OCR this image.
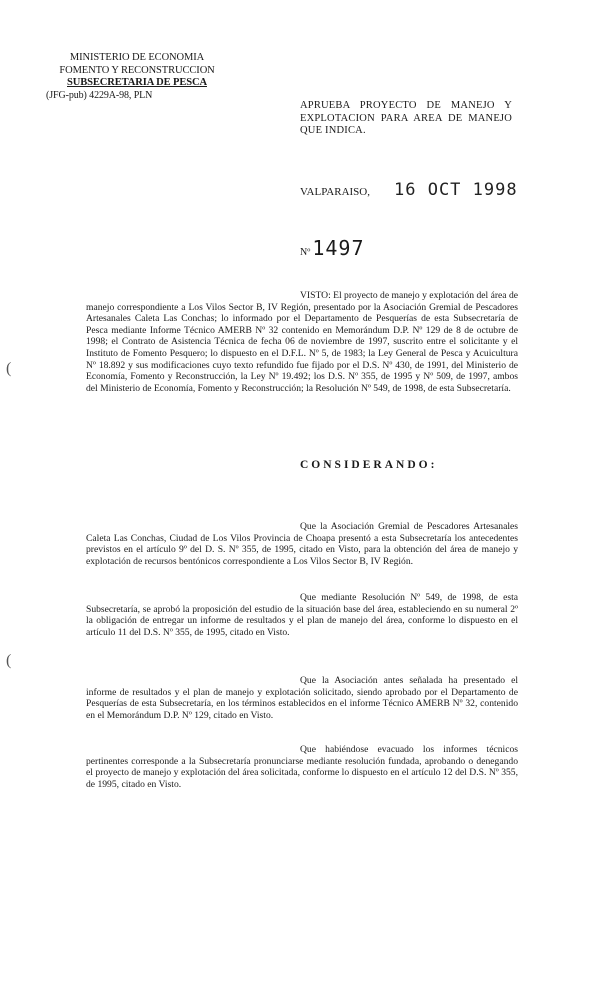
MINISTERIO DE ECONOMIA
FOMENTO Y RECONSTRUCCION
SUBSECRETARIA DE PESCA
(JFG-pub) 4229A-98, PLN
APRUEBA PROYECTO DE MANEJO Y EXPLOTACION PARA AREA DE MANEJO QUE INDICA.
VALPARAISO, 16 OCT 1998
Nº 1497
VISTO: El proyecto de manejo y explotación del área de manejo correspondiente a Los Vilos Sector B, IV Región, presentado por la Asociación Gremial de Pescadores Artesanales Caleta Las Conchas; lo informado por el Departamento de Pesquerías de esta Subsecretaría de Pesca mediante Informe Técnico AMERB Nº 32 contenido en Memorándum D.P. Nº 129 de 8 de octubre de 1998; el Contrato de Asistencia Técnica de fecha 06 de noviembre de 1997, suscrito entre el solicitante y el Instituto de Fomento Pesquero; lo dispuesto en el D.F.L. Nº 5, de 1983; la Ley General de Pesca y Acuicultura Nº 18.892 y sus modificaciones cuyo texto refundido fue fijado por el D.S. Nº 430, de 1991, del Ministerio de Economía, Fomento y Reconstrucción, la Ley Nº 19.492; los D.S. Nº 355, de 1995 y Nº 509, de 1997, ambos del Ministerio de Economía, Fomento y Reconstrucción; la Resolución Nº 549, de 1998, de esta Subsecretaría.
CONSIDERANDO:
Que la Asociación Gremial de Pescadores Artesanales Caleta Las Conchas, Ciudad de Los Vilos Provincia de Choapa presentó a esta Subsecretaría los antecedentes previstos en el artículo 9º del D. S. Nº 355, de 1995, citado en Visto, para la obtención del área de manejo y explotación de recursos bentónicos correspondiente a Los Vilos Sector B, IV Región.
Que mediante Resolución Nº 549, de 1998, de esta Subsecretaría, se aprobó la proposición del estudio de la situación base del área, estableciendo en su numeral 2º la obligación de entregar un informe de resultados y el plan de manejo del área, conforme lo dispuesto en el artículo 11 del D.S. Nº 355, de 1995, citado en Visto.
Que la Asociación antes señalada ha presentado el informe de resultados y el plan de manejo y explotación solicitado, siendo aprobado por el Departamento de Pesquerías de esta Subsecretaría, en los términos establecidos en el informe Técnico AMERB Nº 32, contenido en el Memorándum D.P. Nº 129, citado en Visto.
Que habiéndose evacuado los informes técnicos pertinentes corresponde a la Subsecretaría pronunciarse mediante resolución fundada, aprobando o denegando el proyecto de manejo y explotación del área solicitada, conforme lo dispuesto en el artículo 12 del D.S. Nº 355, de 1995, citado en Visto.
(
(
